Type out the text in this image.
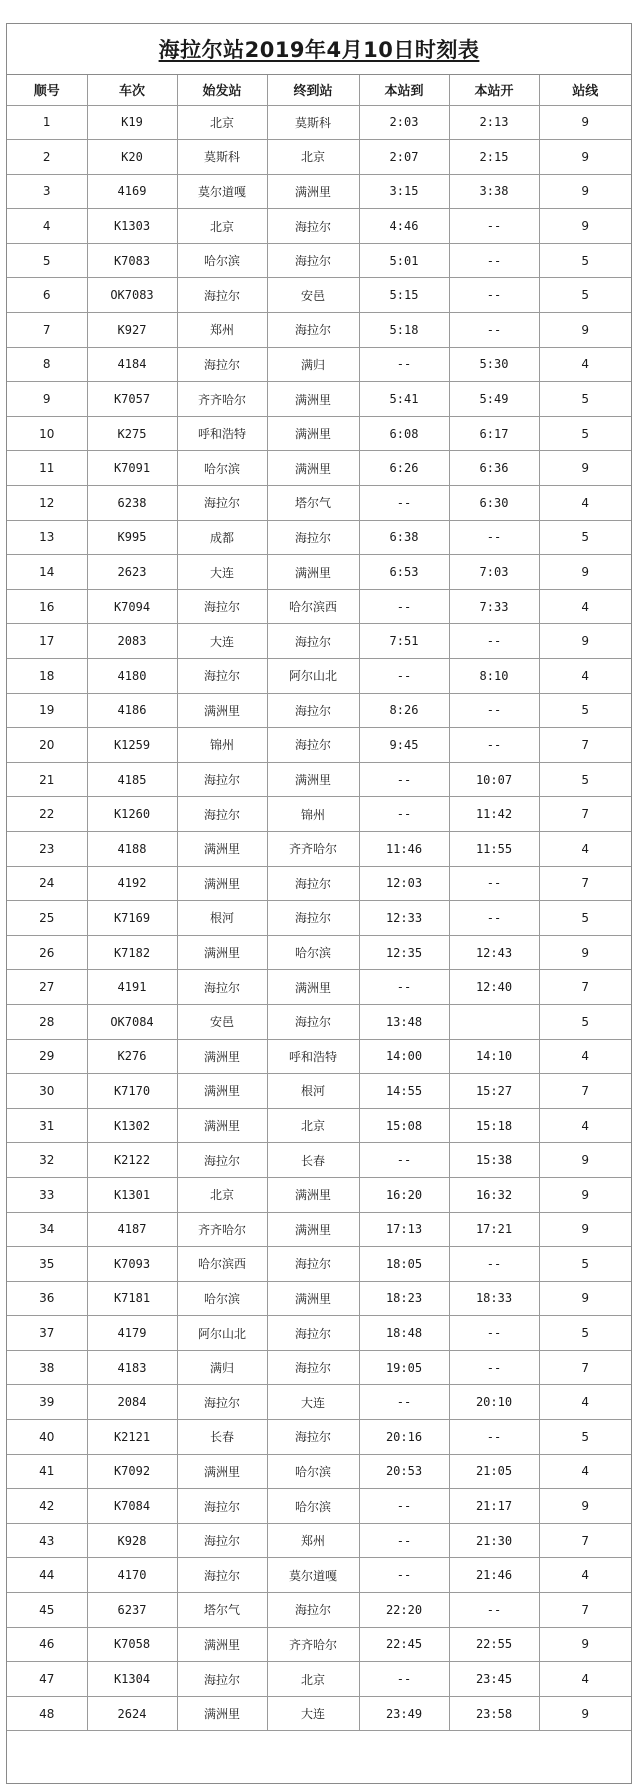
海拉尔站2019年4月10日时刻表
顺号	车次	始发站	终到站	本站到	本站开	站线
1	K19	北京	莫斯科	2:03	2:13	9
2	K20	莫斯科	北京	2:07	2:15	9
3	4169	莫尔道嘎	满洲里	3:15	3:38	9
4	K1303	北京	海拉尔	4:46	--	9
5	K7083	哈尔滨	海拉尔	5:01	--	5
6	OK7083	海拉尔	安邑	5:15	--	5
7	K927	郑州	海拉尔	5:18	--	9
8	4184	海拉尔	满归	--	5:30	4
9	K7057	齐齐哈尔	满洲里	5:41	5:49	5
10	K275	呼和浩特	满洲里	6:08	6:17	5
11	K7091	哈尔滨	满洲里	6:26	6:36	9
12	6238	海拉尔	塔尔气	--	6:30	4
13	K995	成都	海拉尔	6:38	--	5
14	2623	大连	满洲里	6:53	7:03	9
16	K7094	海拉尔	哈尔滨西	--	7:33	4
17	2083	大连	海拉尔	7:51	--	9
18	4180	海拉尔	阿尔山北	--	8:10	4
19	4186	满洲里	海拉尔	8:26	--	5
20	K1259	锦州	海拉尔	9:45	--	7
21	4185	海拉尔	满洲里	--	10:07	5
22	K1260	海拉尔	锦州	--	11:42	7
23	4188	满洲里	齐齐哈尔	11:46	11:55	4
24	4192	满洲里	海拉尔	12:03	--	7
25	K7169	根河	海拉尔	12:33	--	5
26	K7182	满洲里	哈尔滨	12:35	12:43	9
27	4191	海拉尔	满洲里	--	12:40	7
28	OK7084	安邑	海拉尔	13:48		5
29	K276	满洲里	呼和浩特	14:00	14:10	4
30	K7170	满洲里	根河	14:55	15:27	7
31	K1302	满洲里	北京	15:08	15:18	4
32	K2122	海拉尔	长春	--	15:38	9
33	K1301	北京	满洲里	16:20	16:32	9
34	4187	齐齐哈尔	满洲里	17:13	17:21	9
35	K7093	哈尔滨西	海拉尔	18:05	--	5
36	K7181	哈尔滨	满洲里	18:23	18:33	9
37	4179	阿尔山北	海拉尔	18:48	--	5
38	4183	满归	海拉尔	19:05	--	7
39	2084	海拉尔	大连	--	20:10	4
40	K2121	长春	海拉尔	20:16	--	5
41	K7092	满洲里	哈尔滨	20:53	21:05	4
42	K7084	海拉尔	哈尔滨	--	21:17	9
43	K928	海拉尔	郑州	--	21:30	7
44	4170	海拉尔	莫尔道嘎	--	21:46	4
45	6237	塔尔气	海拉尔	22:20	--	7
46	K7058	满洲里	齐齐哈尔	22:45	22:55	9
47	K1304	海拉尔	北京	--	23:45	4
48	2624	满洲里	大连	23:49	23:58	9
